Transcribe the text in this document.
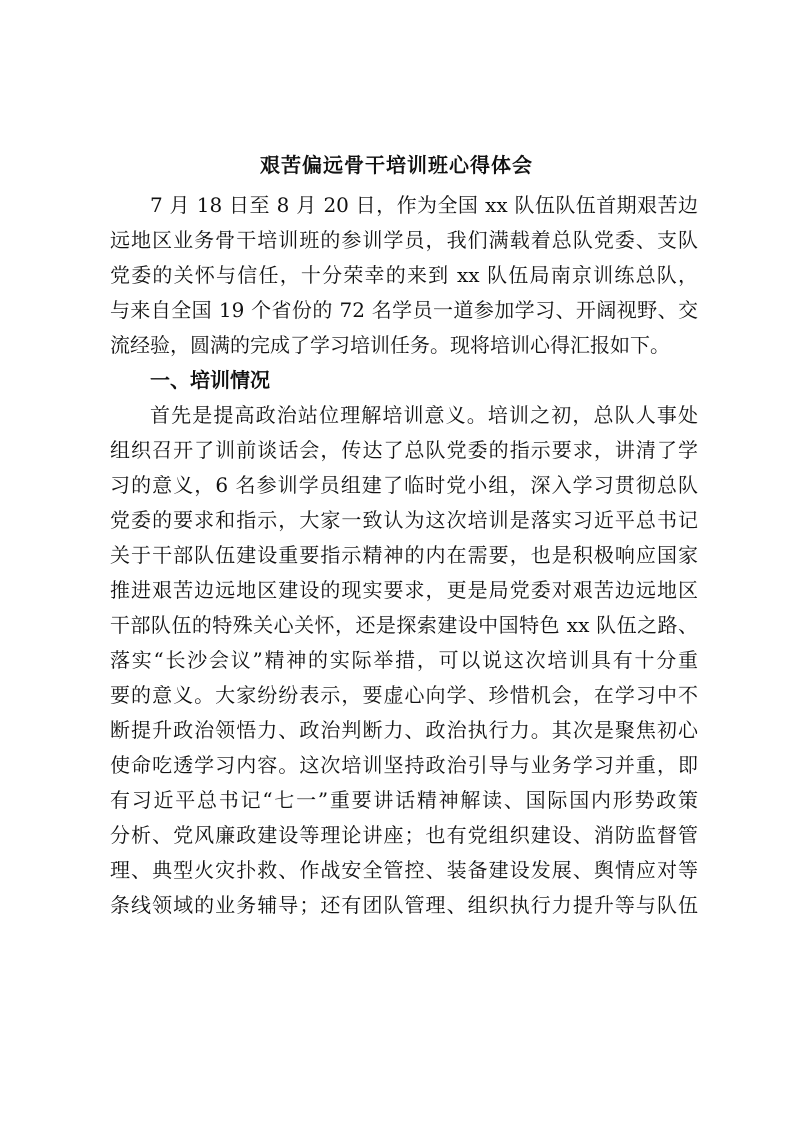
艰苦偏远骨干培训班心得体会
7 月 18 日至 8 月 20 日，作为全国 xx 队伍队伍首期艰苦边
远地区业务骨干培训班的参训学员，我们满载着总队党委、支队
党委的关怀与信任，十分荣幸的来到 xx 队伍局南京训练总队，
与来自全国 19 个省份的 72 名学员一道参加学习、开阔视野、交
流经验，圆满的完成了学习培训任务。现将培训心得汇报如下。
一、培训情况
首先是提高政治站位理解培训意义。培训之初，总队人事处
组织召开了训前谈话会，传达了总队党委的指示要求，讲清了学
习的意义，6 名参训学员组建了临时党小组，深入学习贯彻总队
党委的要求和指示，大家一致认为这次培训是落实习近平总书记
关于干部队伍建设重要指示精神的内在需要，也是积极响应国家
推进艰苦边远地区建设的现实要求，更是局党委对艰苦边远地区
干部队伍的特殊关心关怀，还是探索建设中国特色 xx 队伍之路、
落实“长沙会议”精神的实际举措，可以说这次培训具有十分重
要的意义。大家纷纷表示，要虚心向学、珍惜机会，在学习中不
断提升政治领悟力、政治判断力、政治执行力。其次是聚焦初心
使命吃透学习内容。这次培训坚持政治引导与业务学习并重，即
有习近平总书记“七一”重要讲话精神解读、国际国内形势政策
分析、党风廉政建设等理论讲座；也有党组织建设、消防监督管
理、典型火灾扑救、作战安全管控、装备建设发展、舆情应对等
条线领域的业务辅导；还有团队管理、组织执行力提升等与队伍
